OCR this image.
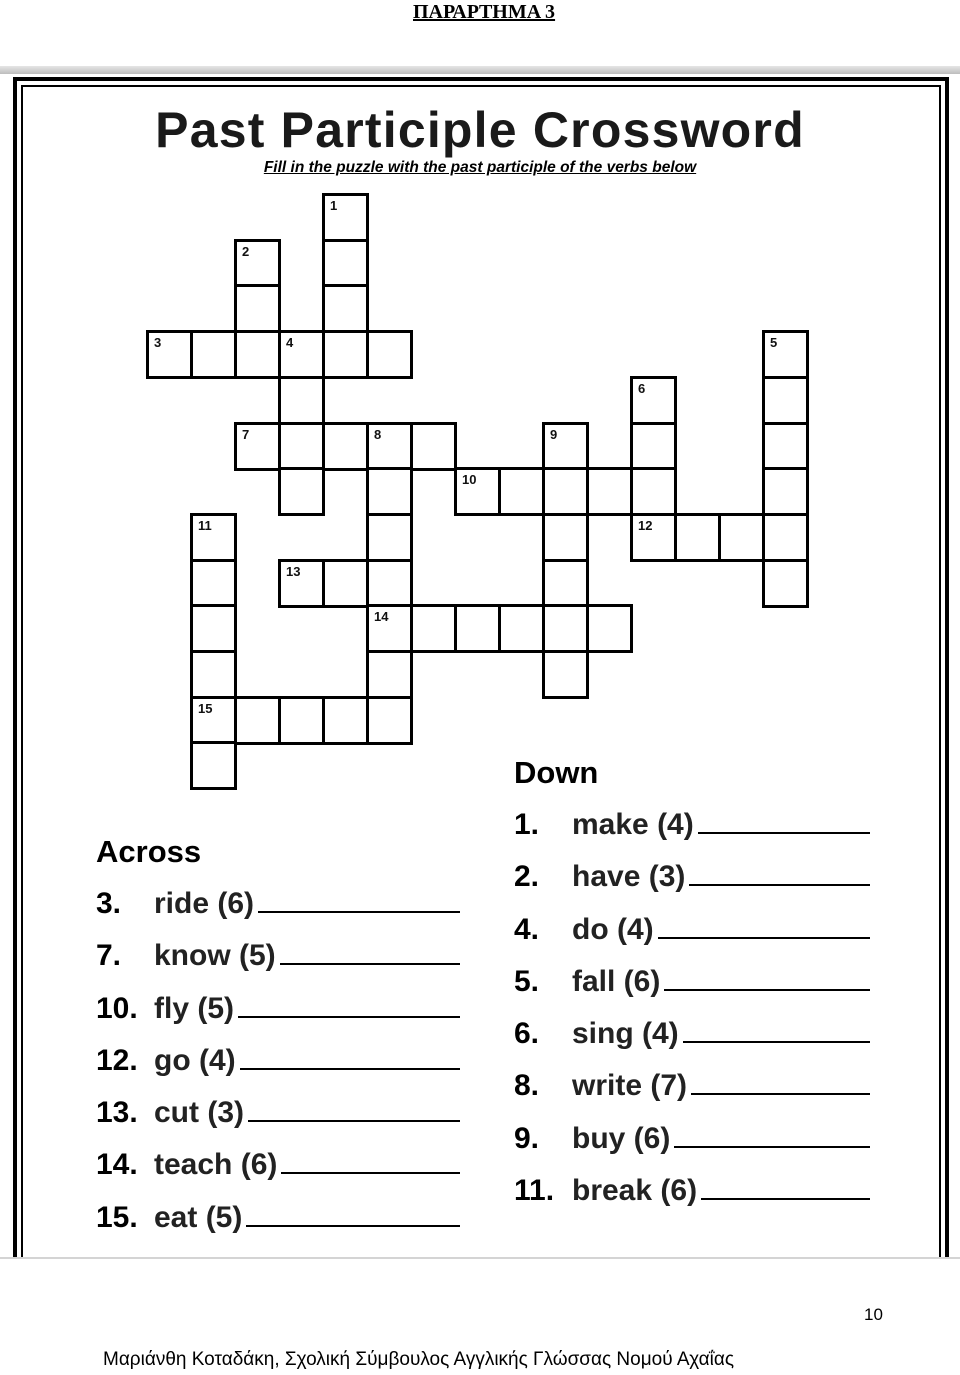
ΠΑΡΑΡΤΗΜΑ 3
Past Participle Crossword
Fill in the puzzle with the past participle of the verbs below
1
2
3	4	5
6
12
7	8
14
9
10
11
15
13
Across
3.	ride (6)
7.	know (5)
10. fly (5)
12. go (4)
13. cut (3)
14. teach (6)
15. eat (5)
Down
1.	make (4)
2.	have (3)
4.	do (4)
5.	fall (6)
6.	sing (4)
8.	write (7)
9.	buy (6)
11. break (6)
10
Μαριάνθη Κοταδάκη, Σχολική Σύμβουλος Αγγλικής Γλώσσας Νομού Αχαΐας
